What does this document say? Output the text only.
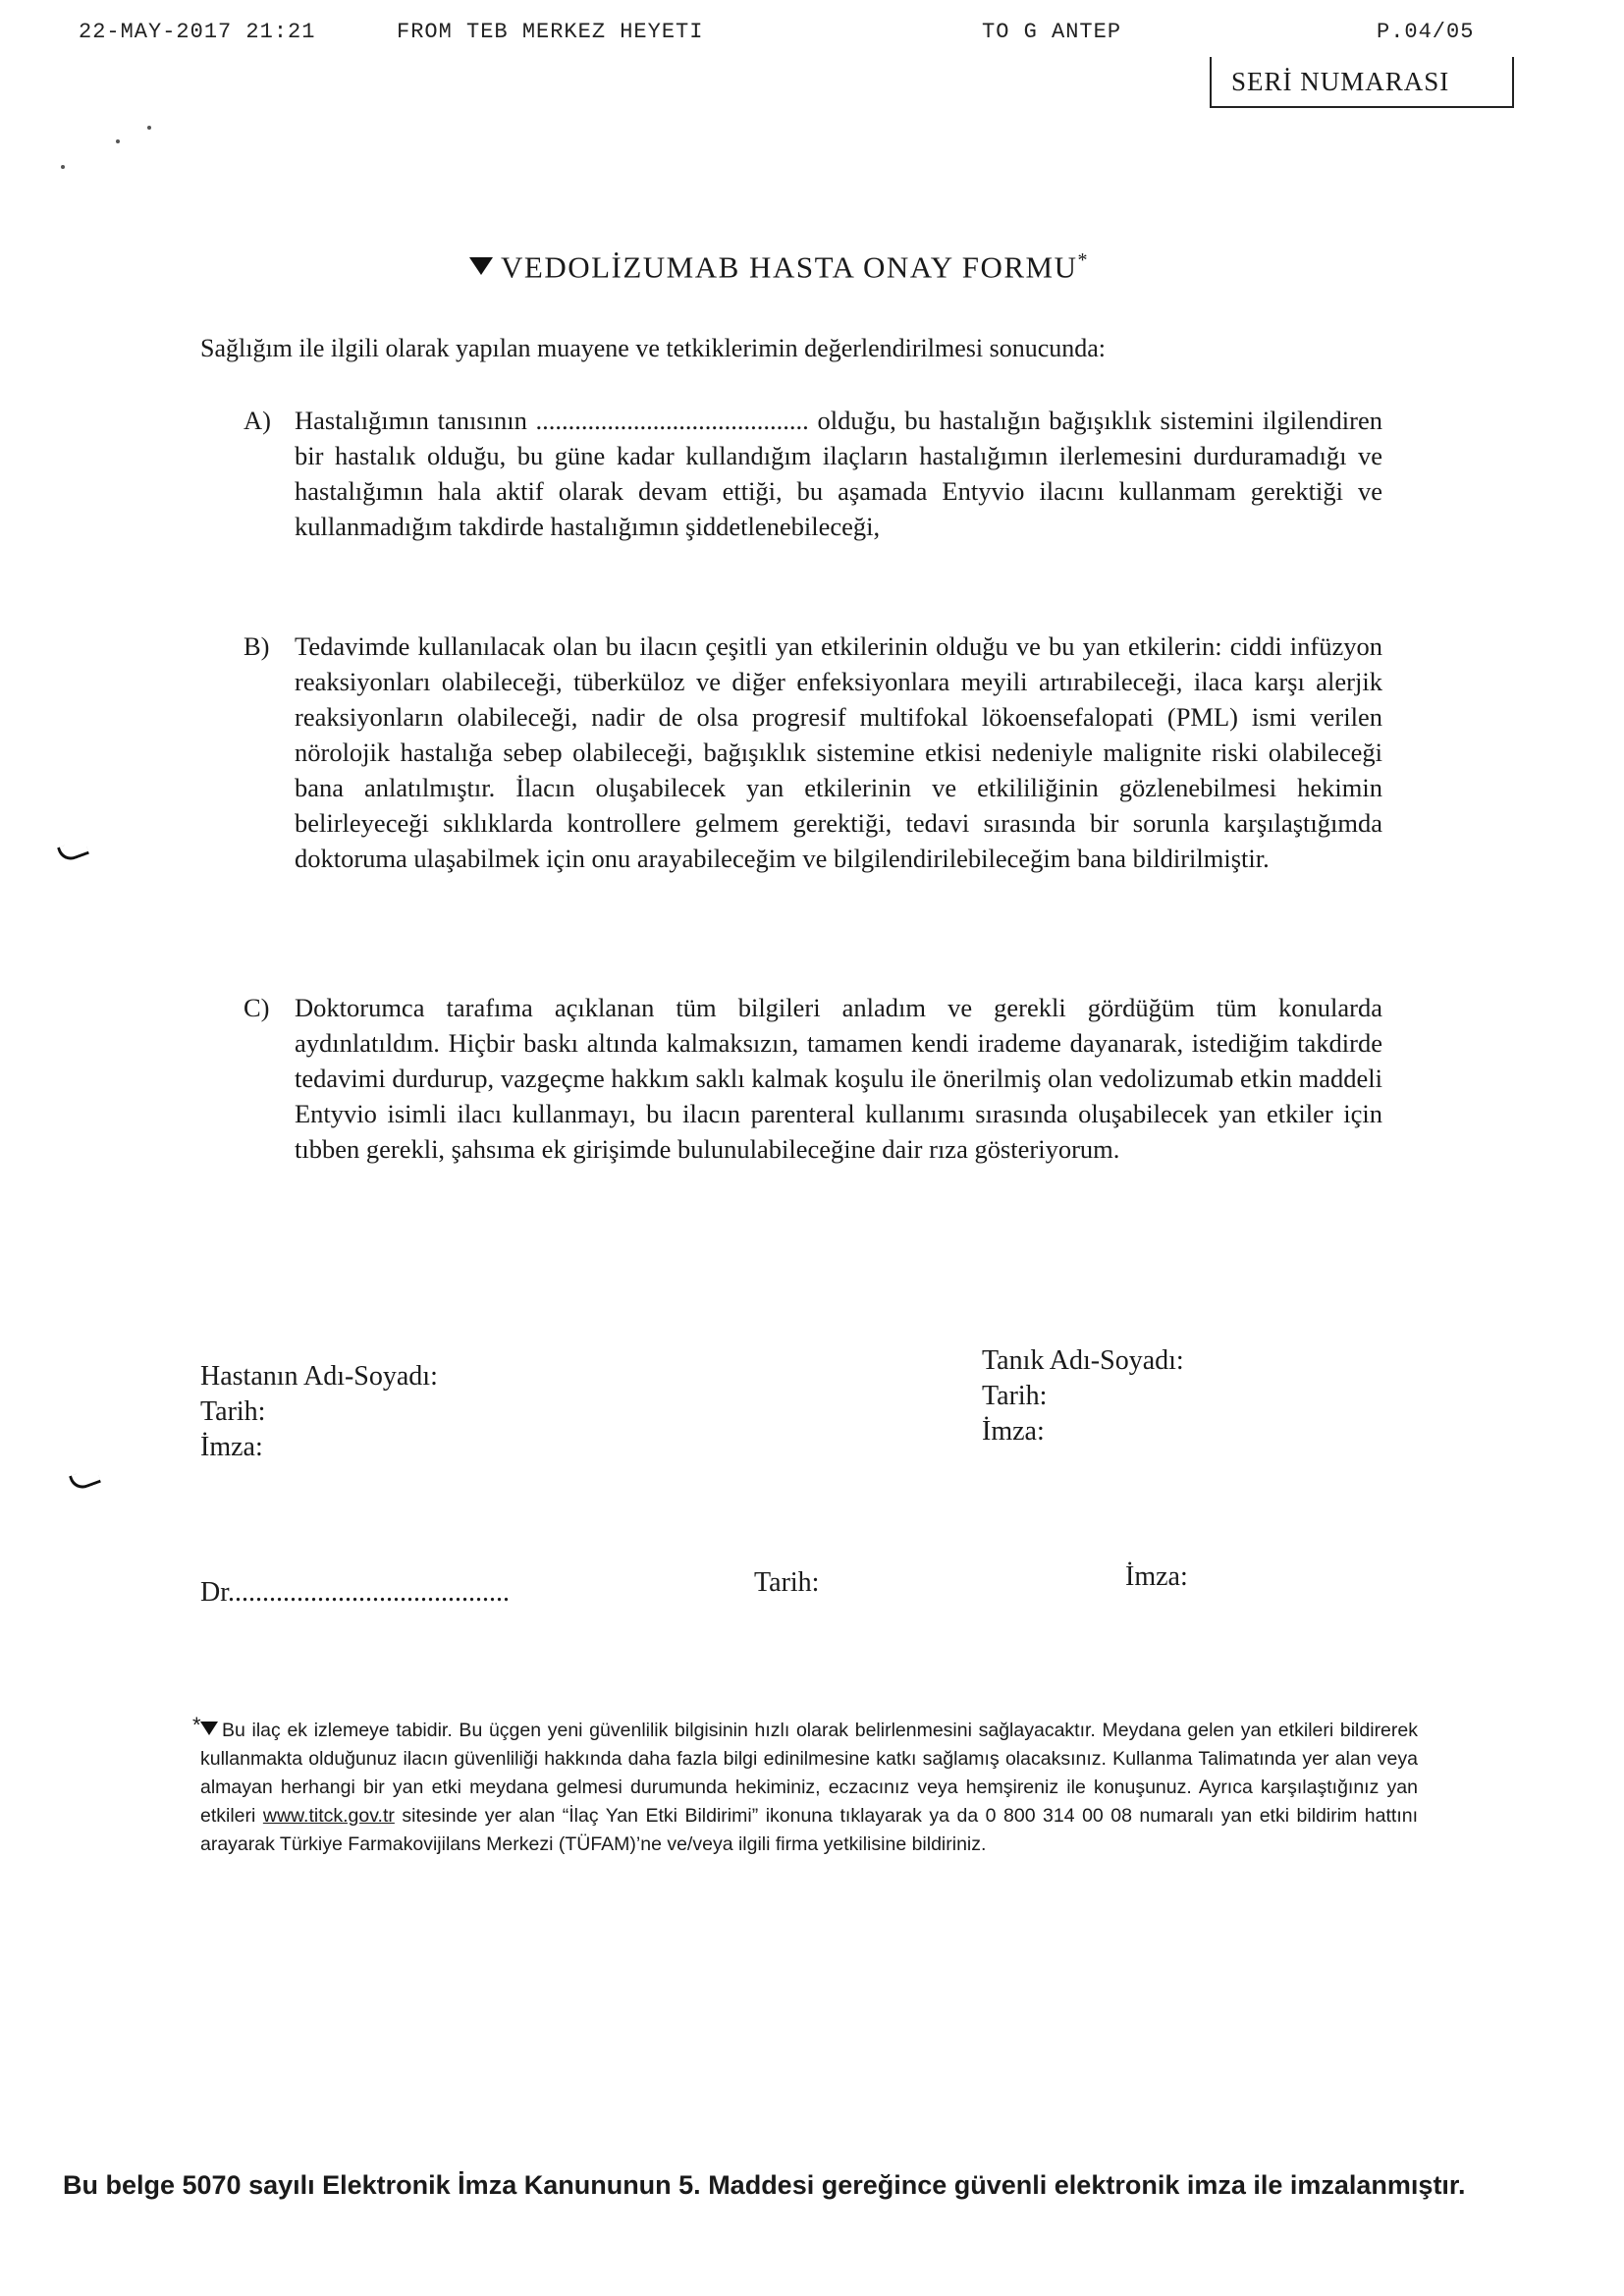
22-MAY-2017 21:21	FROM TEB MERKEZ HEYETI	TO G ANTEP	P.04/05
SERİ NUMARASI
VEDOLİZUMAB HASTA ONAY FORMU*
Sağlığım ile ilgili olarak yapılan muayene ve tetkiklerimin değerlendirilmesi sonucunda:
A) Hastalığımın tanısının .......................................... olduğu, bu hastalığın bağışıklık sistemini ilgilendiren bir hastalık olduğu, bu güne kadar kullandığım ilaçların hastalığımın ilerlemesini durduramadığı ve hastalığımın hala aktif olarak devam ettiği, bu aşamada Entyvio ilacını kullanmam gerektiği ve kullanmadığım takdirde hastalığımın şiddetlenebileceği,
B) Tedavimde kullanılacak olan bu ilacın çeşitli yan etkilerinin olduğu ve bu yan etkilerin: ciddi infüzyon reaksiyonları olabileceği, tüberküloz ve diğer enfeksiyonlara meyili artırabileceği, ilaca karşı alerjik reaksiyonların olabileceği, nadir de olsa progresif multifokal lökoensefalopati (PML) ismi verilen nörolojik hastalığa sebep olabileceği, bağışıklık sistemine etkisi nedeniyle malignite riski olabileceği bana anlatılmıştır. İlacın oluşabilecek yan etkilerinin ve etkililiğinin gözlenebilmesi hekimin belirleyeceği sıklıklarda kontrollere gelmem gerektiği, tedavi sırasında bir sorunla karşılaştığımda doktoruma ulaşabilmek için onu arayabileceğim ve bilgilendirilebileceğim bana bildirilmiştir.
C) Doktorumca tarafıma açıklanan tüm bilgileri anladım ve gerekli gördüğüm tüm konularda aydınlatıldım. Hiçbir baskı altında kalmaksızın, tamamen kendi irademe dayanarak, istediğim takdirde tedavimi durdurup, vazgeçme hakkım saklı kalmak koşulu ile önerilmiş olan vedolizumab etkin maddeli Entyvio isimli ilacı kullanmayı, bu ilacın parenteral kullanımı sırasında oluşabilecek yan etkiler için tıbben gerekli, şahsıma ek girişimde bulunulabileceğine dair rıza gösteriyorum.
Hastanın Adı-Soyadı:
Tarih:
İmza:
Tanık Adı-Soyadı:
Tarih:
İmza:
Dr.........................................	Tarih:	İmza:
* Bu ilaç ek izlemeye tabidir. Bu üçgen yeni güvenlilik bilgisinin hızlı olarak belirlenmesini sağlayacaktır. Meydana gelen yan etkileri bildirerek kullanmakta olduğunuz ilacın güvenliliği hakkında daha fazla bilgi edinilmesine katkı sağlamış olacaksınız. Kullanma Talimatında yer alan veya almayan herhangi bir yan etki meydana gelmesi durumunda hekiminiz, eczacınız veya hemşireniz ile konuşunuz. Ayrıca karşılaştığınız yan etkileri www.titck.gov.tr sitesinde yer alan “İlaç Yan Etki Bildirimi” ikonuna tıklayarak ya da 0 800 314 00 08 numaralı yan etki bildirim hattını arayarak Türkiye Farmakovijilans Merkezi (TÜFAM)’ne ve/veya ilgili firma yetkilisine bildiriniz.
Bu belge 5070 sayılı Elektronik İmza Kanununun 5. Maddesi gereğince güvenli elektronik imza ile imzalanmıştır.
